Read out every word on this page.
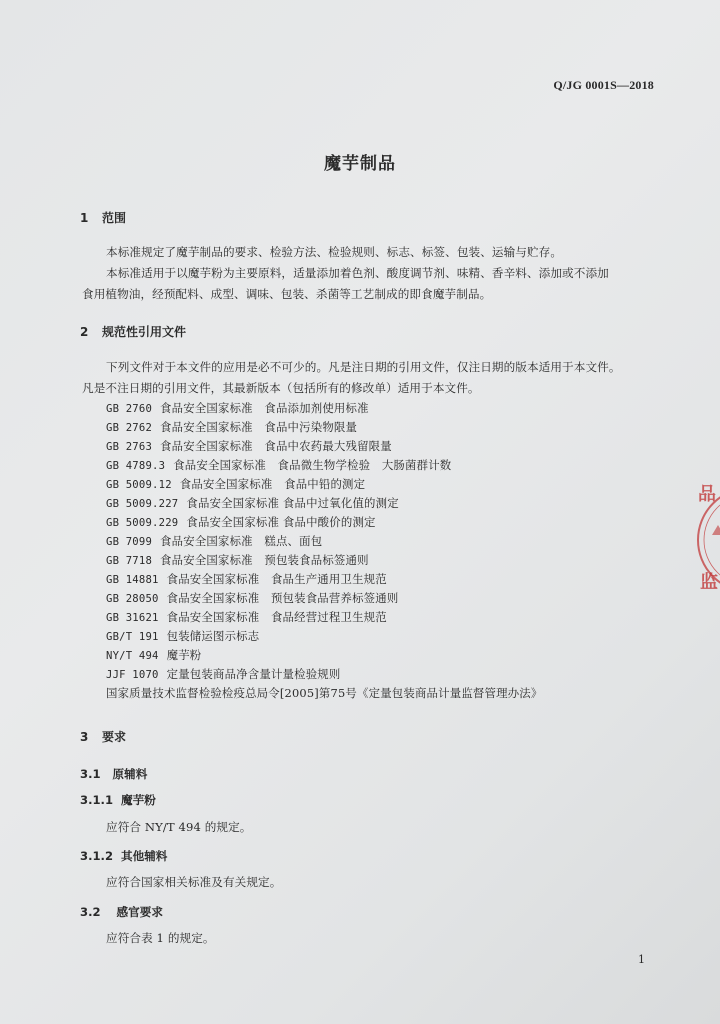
Q/JG 0001S—2018
魔芋制品
1 范围
本标准规定了魔芋制品的要求、检验方法、检验规则、标志、标签、包装、运输与贮存。
本标准适用于以魔芋粉为主要原料，适量添加着色剂、酸度调节剂、味精、香辛料、添加或不添加
食用植物油，经预配料、成型、调味、包装、杀菌等工艺制成的即食魔芋制品。
2 规范性引用文件
下列文件对于本文件的应用是必不可少的。凡是注日期的引用文件，仅注日期的版本适用于本文件。
凡是不注日期的引用文件，其最新版本（包括所有的修改单）适用于本文件。
GB 2760 食品安全国家标准　食品添加剂使用标准
GB 2762 食品安全国家标准　食品中污染物限量
GB 2763 食品安全国家标准　食品中农药最大残留限量
GB 4789.3 食品安全国家标准　食品微生物学检验　大肠菌群计数
GB 5009.12 食品安全国家标准　食品中铅的测定
GB 5009.227 食品安全国家标准 食品中过氧化值的测定
GB 5009.229 食品安全国家标准 食品中酸价的测定
GB 7099 食品安全国家标准　糕点、面包
GB 7718 食品安全国家标准　预包装食品标签通则
GB 14881 食品安全国家标准　食品生产通用卫生规范
GB 28050 食品安全国家标准　预包装食品营养标签通则
GB 31621 食品安全国家标准　食品经营过程卫生规范
GB/T 191 包装储运图示标志
NY/T 494 魔芋粉
JJF 1070 定量包装商品净含量计量检验规则
国家质量技术监督检验检疫总局令[2005]第75号《定量包装商品计量监督管理办法》
3 要求
3.1 原辅料
3.1.1 魔芋粉
应符合 NY/T 494 的规定。
3.1.2 其他辅料
应符合国家相关标准及有关规定。
3.2 感官要求
应符合表 1 的规定。
1
品
监
